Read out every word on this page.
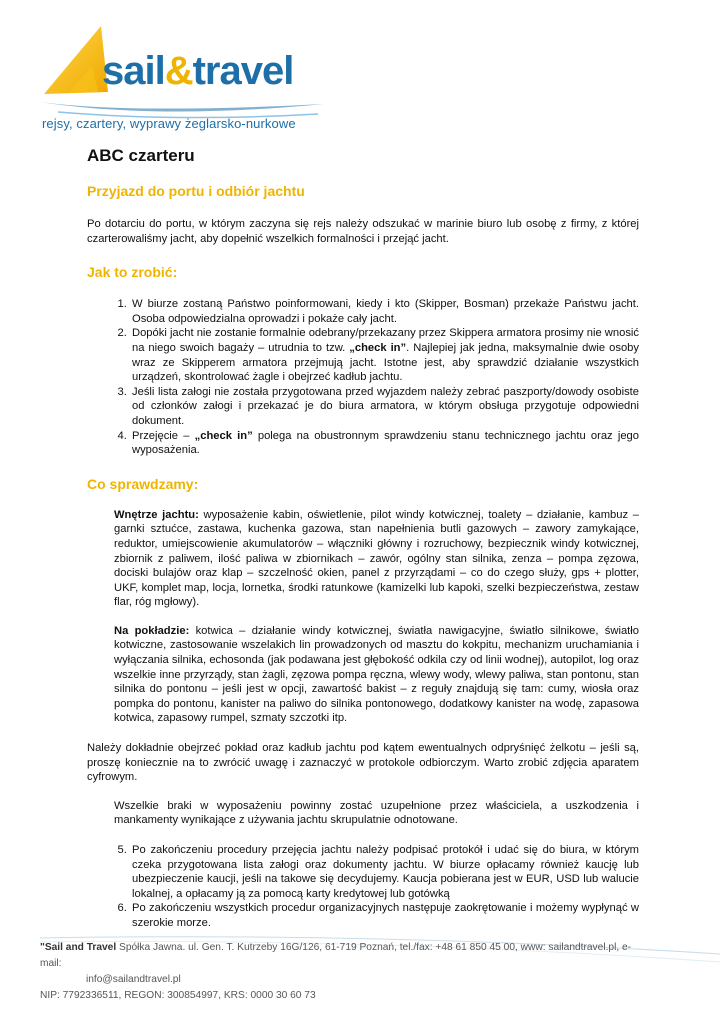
sail&travel
rejsy, czartery, wyprawy żeglarsko-nurkowe
ABC czarteru
Przyjazd do portu i odbiór jachtu

Po dotarciu do portu, w którym zaczyna się rejs należy odszukać w marinie biuro lub osobę z firmy, z której czarterowaliśmy jacht, aby dopełnić wszelkich formalności i przejąć jacht.

Jak to zrobić:
1. W biurze zostaną Państwo poinformowani, kiedy i kto (Skipper, Bosman) przekaże Państwu jacht. Osoba odpowiedzialna oprowadzi i pokaże cały jacht.
2. Dopóki jacht nie zostanie formalnie odebrany/przekazany przez Skippera armatora prosimy nie wnosić na niego swoich bagaży – utrudnia to tzw. „check in”. Najlepiej jak jedna, maksymalnie dwie osoby wraz ze Skipperem armatora przejmują jacht. Istotne jest, aby sprawdzić działanie wszystkich urządzeń, skontrolować żagle i obejrzeć kadłub jachtu.
3. Jeśli lista załogi nie została przygotowana przed wyjazdem należy zebrać paszporty/dowody osobiste od członków załogi i przekazać je do biura armatora, w którym obsługa przygotuje odpowiedni dokument.
4. Przejęcie – „check in” polega na obustronnym sprawdzeniu stanu technicznego jachtu oraz jego wyposażenia.
Co sprawdzamy:

Wnętrze jachtu: wyposażenie kabin, oświetlenie, pilot windy kotwicznej, toalety – działanie, kambuz – garnki sztućce, zastawa, kuchenka gazowa, stan napełnienia butli gazowych – zawory zamykające, reduktor, umiejscowienie akumulatorów – włączniki główny i rozruchowy, bezpiecznik windy kotwicznej, zbiornik z paliwem, ilość paliwa w zbiornikach – zawór, ogólny stan silnika, zenza – pompa zęzowa, dociski bulajów oraz klap – szczelność okien, panel z przyrządami – co do czego służy, gps + plotter, UKF, komplet map, locja, lornetka, środki ratunkowe (kamizelki lub kapoki, szelki bezpieczeństwa, zestaw flar, róg mgłowy).

Na pokładzie: kotwica – działanie windy kotwicznej, światła nawigacyjne, światło silnikowe, światło kotwiczne, zastosowanie wszelakich lin prowadzonych od masztu do kokpitu, mechanizm uruchamiania i wyłączania silnika, echosonda (jak podawana jest głębokość odkila czy od linii wodnej), autopilot, log oraz wszelkie inne przyrządy, stan żagli, zęzowa pompa ręczna, wlewy wody, wlewy paliwa, stan pontonu, stan silnika do pontonu – jeśli jest w opcji, zawartość bakist – z reguły znajdują się tam: cumy, wiosła oraz pompka do pontonu, kanister na paliwo do silnika pontonowego, dodatkowy kanister na wodę, zapasowa kotwica, zapasowy rumpel, szmaty szczotki itp.

Należy dokładnie obejrzeć pokład oraz kadłub jachtu pod kątem ewentualnych odpryśnięć żelkotu – jeśli są, proszę koniecznie na to zwrócić uwagę i zaznaczyć w protokole odbiorczym. Warto zrobić zdjęcia aparatem cyfrowym.

Wszelkie braki w wyposażeniu powinny zostać uzupełnione przez właściciela, a uszkodzenia i mankamenty wynikające z używania jachtu skrupulatnie odnotowane.

5. Po zakończeniu procedury przejęcia jachtu należy podpisać protokół i udać się do biura, w którym czeka przygotowana lista załogi oraz dokumenty jachtu. W biurze opłacamy również kaucję lub ubezpieczenie kaucji, jeśli na takowe się decydujemy. Kaucja pobierana jest w EUR, USD lub walucie lokalnej, a opłacamy ją za pomocą karty kredytowej lub gotówką
6. Po zakończeniu wszystkich procedur organizacyjnych następuje zaokrętowanie i możemy wypłynąć w szerokie morze.
"Sail and Travel Spółka Jawna. ul. Gen. T. Kutrzeby 16G/126, 61-719 Poznań, tel./fax: +48 61 850 45 00, www: sailandtravel.pl, e-mail:
info@sailandtravel.pl
NIP: 7792336511, REGON: 300854997, KRS: 0000 30 60 73
